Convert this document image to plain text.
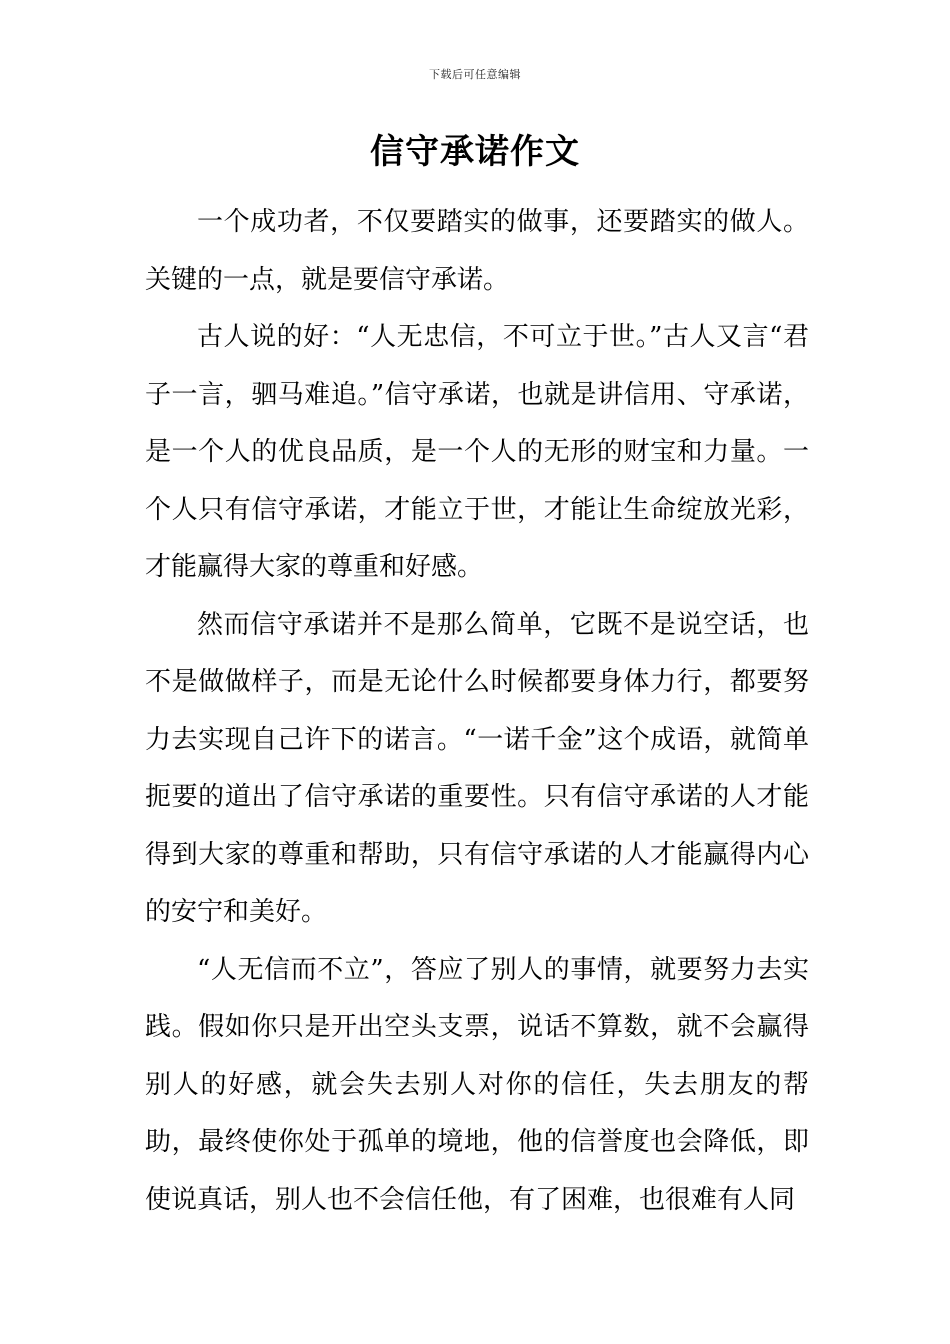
下载后可任意编辑
信守承诺作文

一个成功者，不仅要踏实的做事，还要踏实的做人。关键的一点，就是要信守承诺。

古人说的好：“人无忠信，不可立于世。”古人又言“君子一言，驷马难追。”信守承诺，也就是讲信用、守承诺，是一个人的优良品质，是一个人的无形的财宝和力量。一个人只有信守承诺，才能立于世，才能让生命绽放光彩，才能赢得大家的尊重和好感。

然而信守承诺并不是那么简单，它既不是说空话，也不是做做样子，而是无论什么时候都要身体力行，都要努力去实现自己许下的诺言。“一诺千金”这个成语，就简单扼要的道出了信守承诺的重要性。只有信守承诺的人才能得到大家的尊重和帮助，只有信守承诺的人才能赢得内心的安宁和美好。

“人无信而不立”，答应了别人的事情，就要努力去实践。假如你只是开出空头支票，说话不算数，就不会赢得别人的好感，就会失去别人对你的信任，失去朋友的帮助，最终使你处于孤单的境地，他的信誉度也会降低，即使说真话，别人也不会信任他，有了困难，也很难有人同
